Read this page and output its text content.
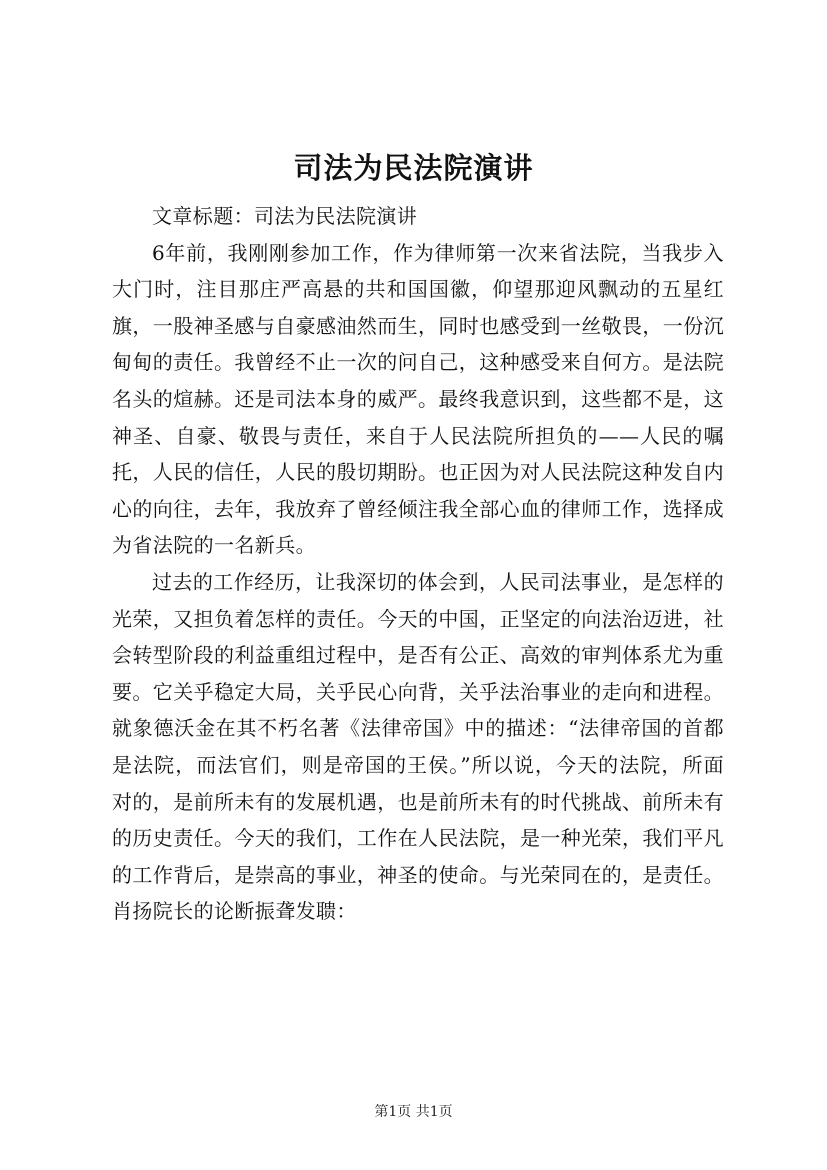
司法为民法院演讲

文章标题：司法为民法院演讲

6年前，我刚刚参加工作，作为律师第一次来省法院，当我步入大门时，注目那庄严高悬的共和国国徽，仰望那迎风飘动的五星红旗，一股神圣感与自豪感油然而生，同时也感受到一丝敬畏，一份沉甸甸的责任。我曾经不止一次的问自己，这种感受来自何方。是法院名头的煊赫。还是司法本身的威严。最终我意识到，这些都不是，这神圣、自豪、敬畏与责任，来自于人民法院所担负的——人民的嘱托，人民的信任，人民的殷切期盼。也正因为对人民法院这种发自内心的向往，去年，我放弃了曾经倾注我全部心血的律师工作，选择成为省法院的一名新兵。

过去的工作经历，让我深切的体会到，人民司法事业，是怎样的光荣，又担负着怎样的责任。今天的中国，正坚定的向法治迈进，社会转型阶段的利益重组过程中，是否有公正、高效的审判体系尤为重要。它关乎稳定大局，关乎民心向背，关乎法治事业的走向和进程。就象德沃金在其不朽名著《法律帝国》中的描述：“法律帝国的首都是法院，而法官们，则是帝国的王侯。”所以说，今天的法院，所面对的，是前所未有的发展机遇，也是前所未有的时代挑战、前所未有的历史责任。今天的我们，工作在人民法院，是一种光荣，我们平凡的工作背后，是崇高的事业，神圣的使命。与光荣同在的，是责任。肖扬院长的论断振聋发聩：

第1页 共1页
